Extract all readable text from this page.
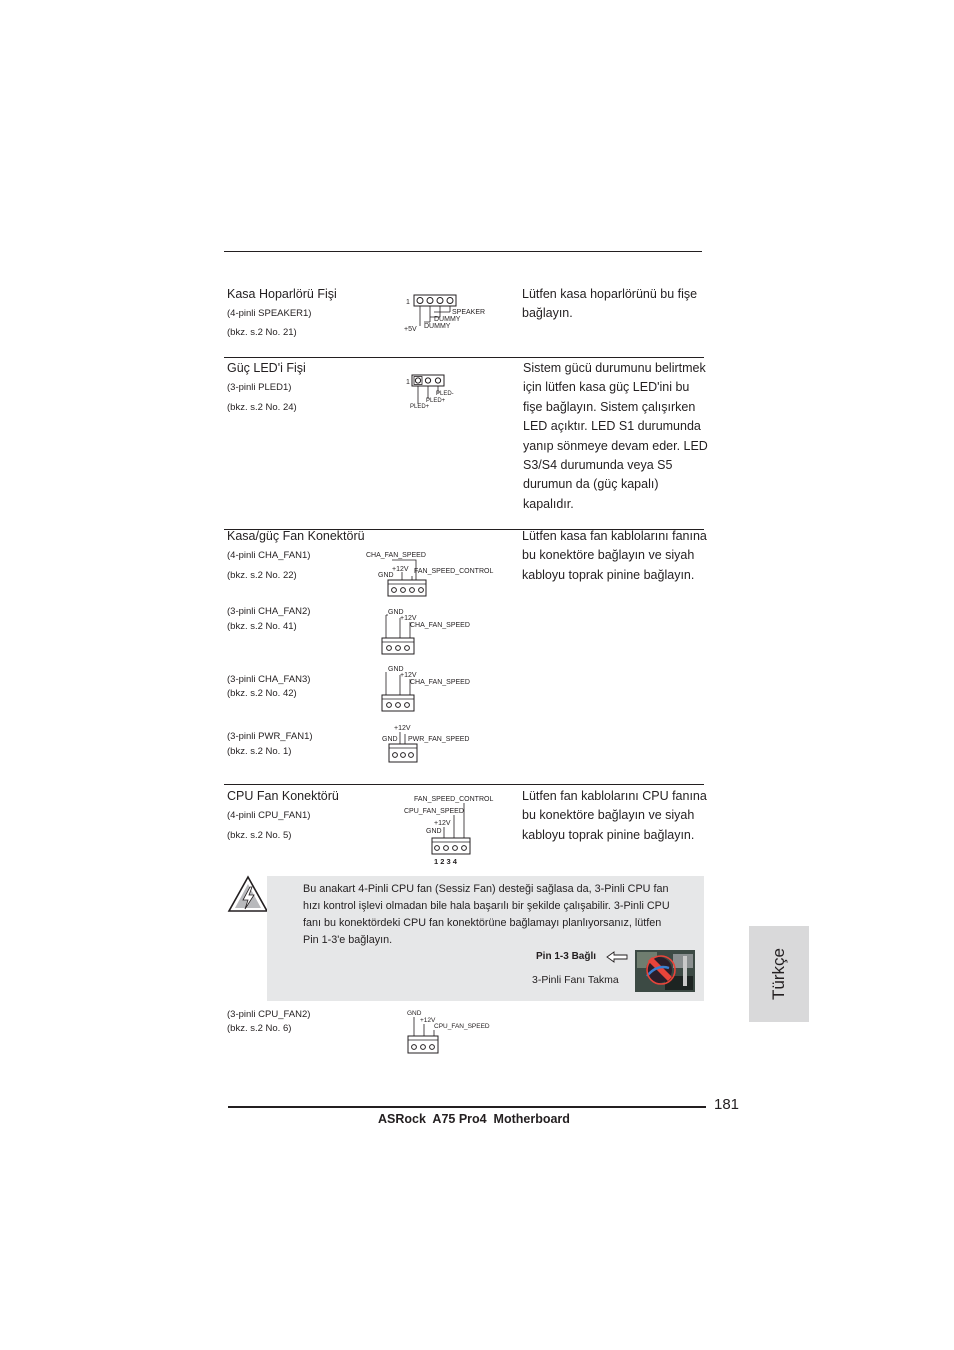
Kasa Hoparlörü Fişi
(4-pinli SPEAKER1)
(bkz. s.2 No. 21)
Lütfen kasa hoparlörünü bu fişe bağlayın.
1
SPEAKER
DUMMY
+5V DUMMY
Güç LED'i Fişi
(3-pinli PLED1)
(bkz. s.2 No. 24)
Sistem gücü durumunu belirtmek için lütfen kasa güç LED'ini bu fişe bağlayın. Sistem çalışırken LED açıktır. LED S1 durumunda yanıp sönmeye devam eder. LED S3/S4 durumunda veya S5 durumun da (güç kapalı) kapalıdır.
1
PLED-
PLED+
PLED+
Kasa/güç Fan Konektörü	Lütfen kasa fan kablolarını fanına bu konektöre bağlayın ve siyah kabloyu toprak pinine bağlayın.
(4-pinli CHA_FAN1)
(bkz. s.2 No. 22)
CHA_FAN_SPEED
+12V
GND
FAN_SPEED_CONTROL
(3-pinli CHA_FAN2)
(bkz. s.2 No. 41)
GND
+12V
CHA_FAN_SPEED
(3-pinli CHA_FAN3)
(bkz. s.2 No. 42)
GND
+12V
CHA_FAN_SPEED
(3-pinli PWR_FAN1)
(bkz. s.2 No. 1)
+12V
GND PWR_FAN_SPEED
CPU Fan Konektörü
(4-pinli CPU_FAN1)
(bkz. s.2 No. 5)
Lütfen fan kablolarını CPU fanına bu konektöre bağlayın ve siyah kabloyu toprak pinine bağlayın.
FAN_SPEED_CONTROL
CPU_FAN_SPEED
+12V
GND
1 2 3 4
Bu anakart 4-Pinli CPU fan (Sessiz Fan) desteği sağlasa da, 3-Pinli CPU fan hızı kontrol işlevi olmadan bile hala başarılı bir şekilde çalışabilir. 3-Pinli CPU fanı bu konektördeki CPU fan konektörüne bağlamayı planlıyorsanız, lütfen Pin 1-3'e bağlayın.
Pin 1-3 Bağlı
3-Pinli Fanı Takma
(3-pinli CPU_FAN2)
(bkz. s.2 No. 6)
GND
+12V
CPU_FAN_SPEED
Türkçe
181
ASRock  A75 Pro4  Motherboard
